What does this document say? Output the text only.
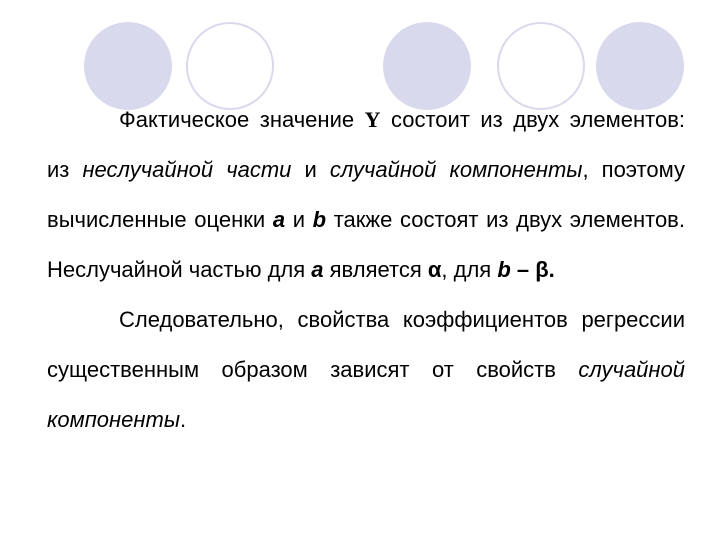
Фактическое значение Y состоит из двух элементов: из неслучайной части и случайной компоненты, поэтому вычисленные оценки a и b также состоят из двух элементов. Неслучайной частью для a является α, для b – β.

Следовательно, свойства коэффициентов регрессии существенным образом зависят от свойств случайной компоненты.
